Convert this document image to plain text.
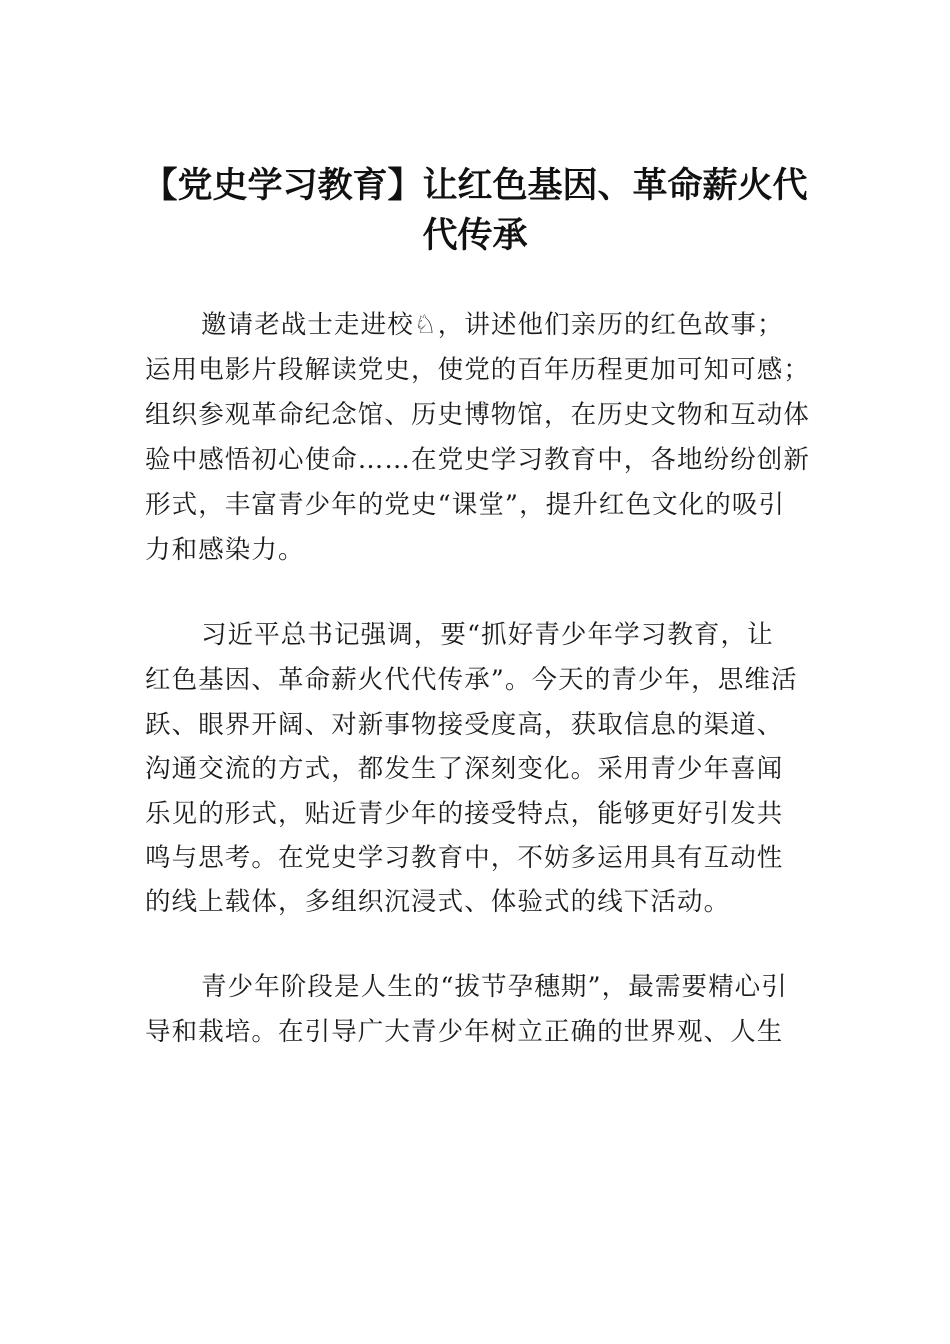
【党史学习教育】让红色基因、革命薪火代
代传承
邀请老战士走进校♘，讲述他们亲历的红色故事；
运用电影片段解读党史，使党的百年历程更加可知可感；
组织参观革命纪念馆、历史博物馆，在历史文物和互动体
验中感悟初心使命……在党史学习教育中，各地纷纷创新
形式，丰富青少年的党史“课堂”，提升红色文化的吸引
力和感染力。
习近平总书记强调，要“抓好青少年学习教育，让
红色基因、革命薪火代代传承”。今天的青少年，思维活
跃、眼界开阔、对新事物接受度高，获取信息的渠道、
沟通交流的方式，都发生了深刻变化。采用青少年喜闻
乐见的形式，贴近青少年的接受特点，能够更好引发共
鸣与思考。在党史学习教育中，不妨多运用具有互动性
的线上载体，多组织沉浸式、体验式的线下活动。
青少年阶段是人生的“拔节孕穗期”，最需要精心引
导和栽培。在引导广大青少年树立正确的世界观、人生
